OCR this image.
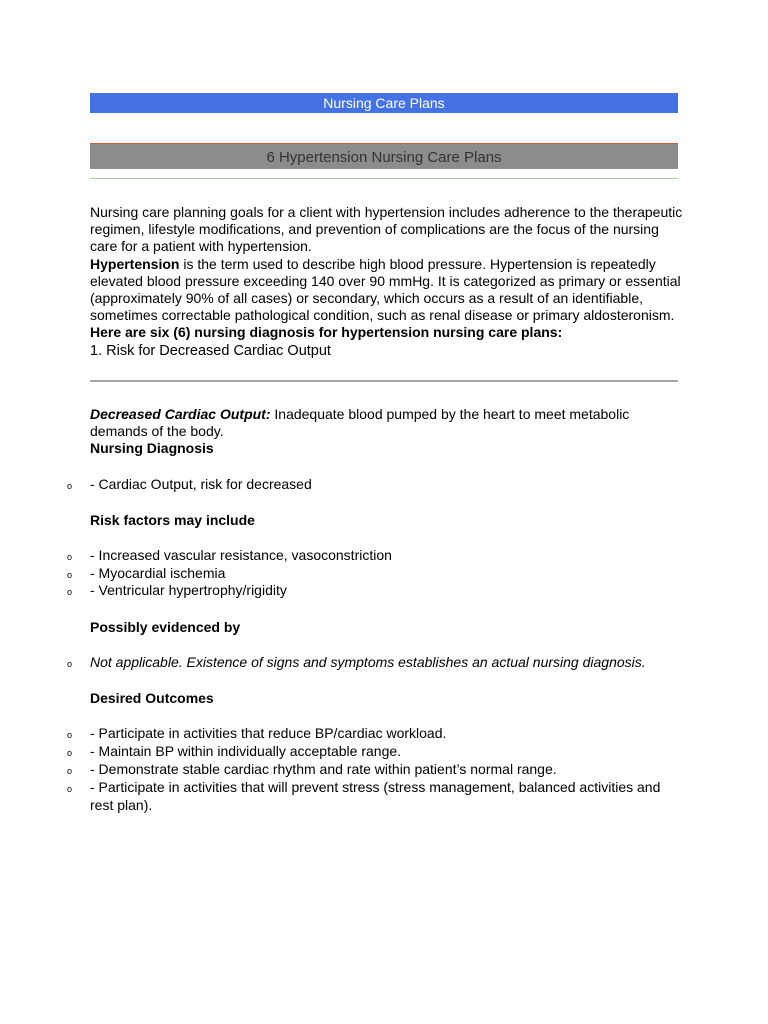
Nursing Care Plans
6 Hypertension Nursing Care Plans

Nursing care planning goals for a client with hypertension includes adherence to the therapeutic regimen, lifestyle modifications, and prevention of complications are the focus of the nursing care for a patient with hypertension.

Hypertension is the term used to describe high blood pressure. Hypertension is repeatedly elevated blood pressure exceeding 140 over 90 mmHg. It is categorized as primary or essential (approximately 90% of all cases) or secondary, which occurs as a result of an identifiable, sometimes correctable pathological condition, such as renal disease or primary aldosteronism.

Here are six (6) nursing diagnosis for hypertension nursing care plans:

1. Risk for Decreased Cardiac Output

Decreased Cardiac Output: Inadequate blood pumped by the heart to meet metabolic demands of the body.

Nursing Diagnosis

o - Cardiac Output, risk for decreased
Risk factors may include
o - Increased vascular resistance, vasoconstriction
o - Myocardial ischemia
o - Ventricular hypertrophy/rigidity
Possibly evidenced by
o Not applicable. Existence of signs and symptoms establishes an actual nursing diagnosis.
Desired Outcomes
o - Participate in activities that reduce BP/cardiac workload.
o - Maintain BP within individually acceptable range.
o - Demonstrate stable cardiac rhythm and rate within patient’s normal range.
o - Participate in activities that will prevent stress (stress management, balanced activities and rest plan).
